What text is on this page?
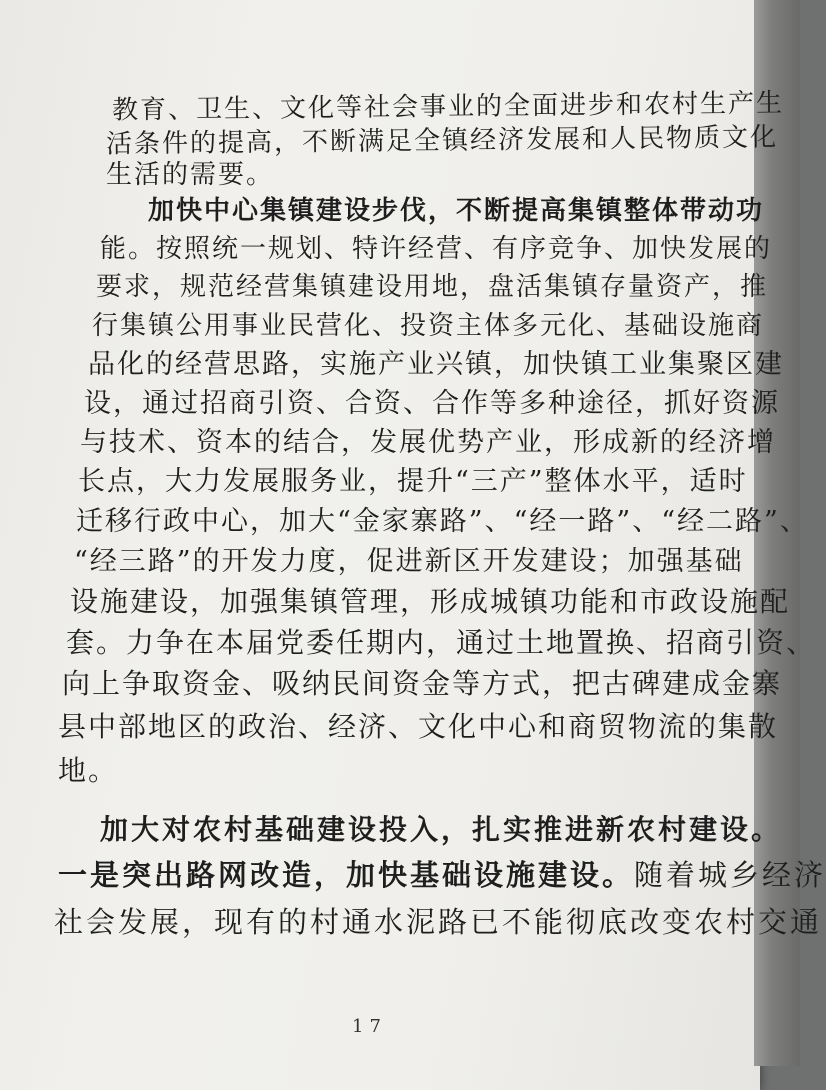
教育、卫生、文化等社会事业的全面进步和农村生产生
活条件的提高，不断满足全镇经济发展和人民物质文化
生活的需要。
加快中心集镇建设步伐，不断提高集镇整体带动功
能。按照统一规划、特许经营、有序竞争、加快发展的
要求，规范经营集镇建设用地，盘活集镇存量资产，推
行集镇公用事业民营化、投资主体多元化、基础设施商
品化的经营思路，实施产业兴镇，加快镇工业集聚区建
设，通过招商引资、合资、合作等多种途径，抓好资源
与技术、资本的结合，发展优势产业，形成新的经济增
长点，大力发展服务业，提升“三产”整体水平，适时
迁移行政中心，加大“金家寨路”、“经一路”、“经二路”、
“经三路”的开发力度，促进新区开发建设；加强基础
设施建设，加强集镇管理，形成城镇功能和市政设施配
套。力争在本届党委任期内，通过土地置换、招商引资、
向上争取资金、吸纳民间资金等方式，把古碑建成金寨
县中部地区的政治、经济、文化中心和商贸物流的集散
地。
加大对农村基础建设投入，扎实推进新农村建设。
一是突出路网改造，加快基础设施建设。随着城乡经济
社会发展，现有的村通水泥路已不能彻底改变农村交通
17
